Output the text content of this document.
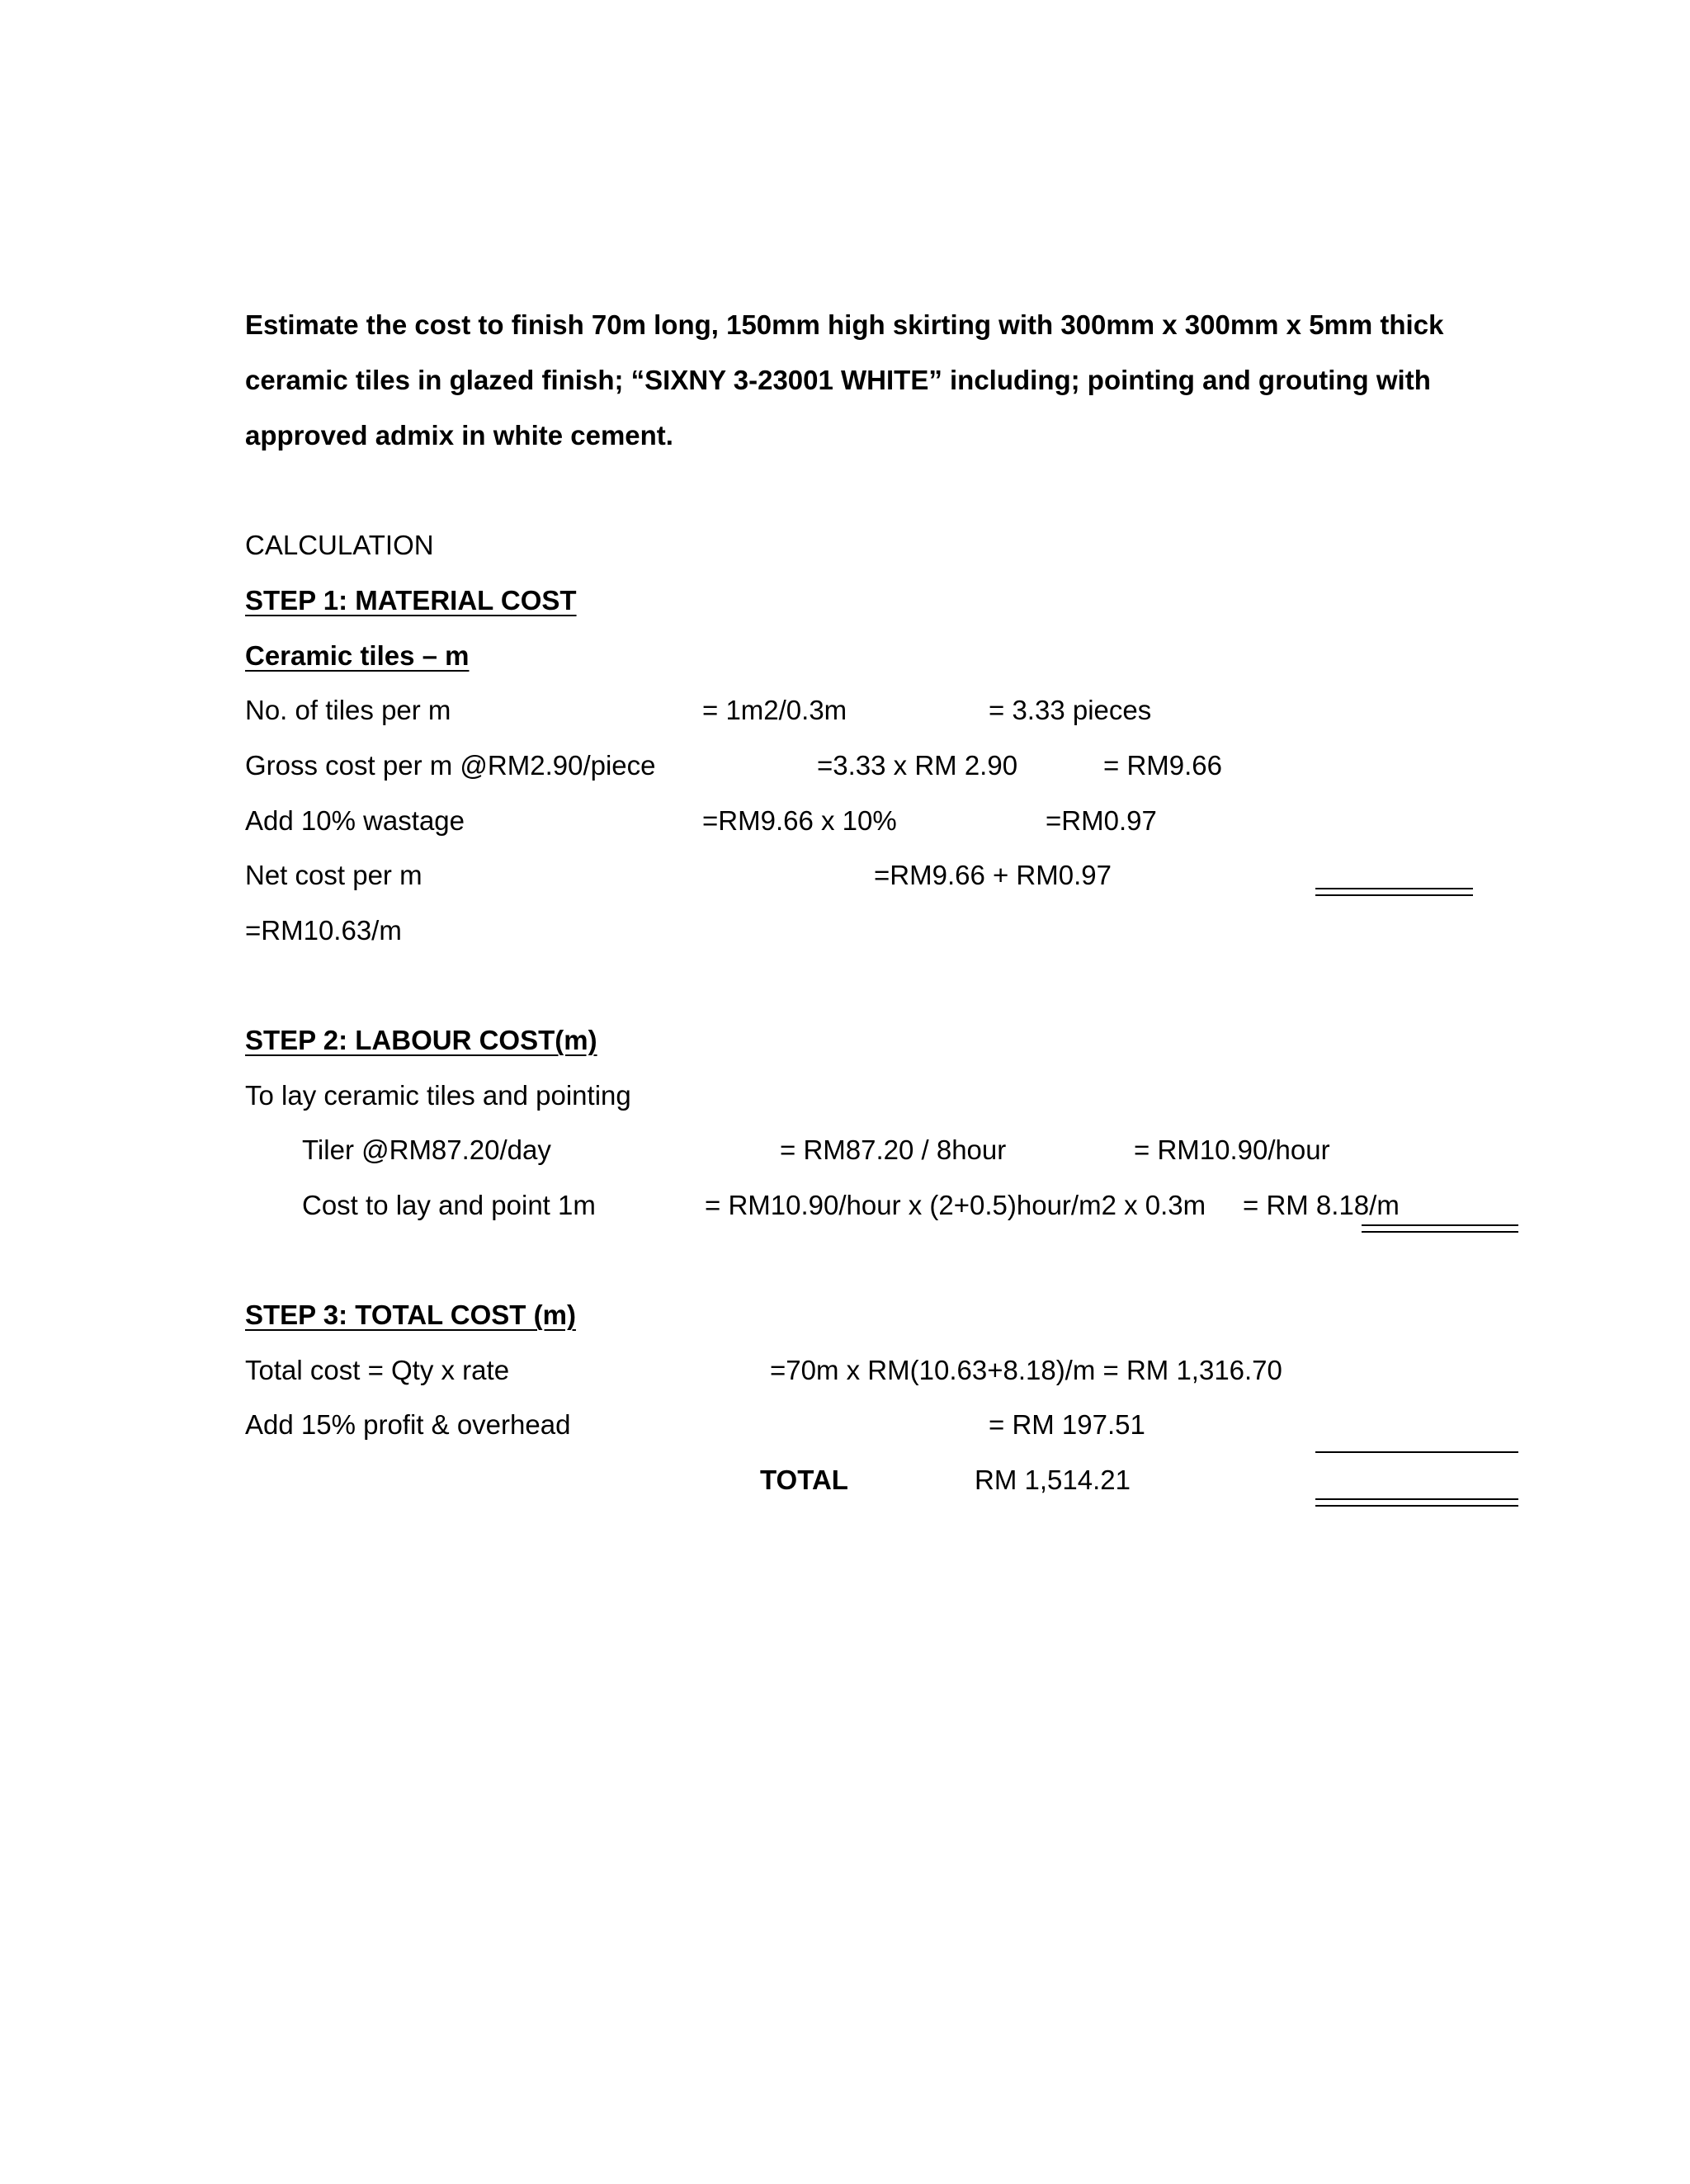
Estimate the cost to finish 70m long, 150mm high skirting with 300mm x 300mm x 5mm thick

ceramic tiles in glazed finish; “SIXNY 3-23001 WHITE” including; pointing and grouting with

approved admix in white cement.

CALCULATION

STEP 1: MATERIAL COST

Ceramic tiles – m

No. of tiles per m	= 1m2/0.3m	= 3.33 pieces

Gross cost per m @RM2.90/piece	=3.33 x RM 2.90	= RM9.66

Add 10% wastage	=RM9.66 x 10%	=RM0.97

Net cost per m	=RM9.66 + RM0.97

=RM10.63/m

STEP 2: LABOUR COST(m)

To lay ceramic tiles and pointing

Tiler @RM87.20/day	= RM87.20 / 8hour	= RM10.90/hour

Cost to lay and point 1m	= RM10.90/hour x (2+0.5)hour/m2 x 0.3m = RM 8.18/m

STEP 3: TOTAL COST (m)

Total cost = Qty x rate	=70m x RM(10.63+8.18)/m = RM 1,316.70

Add 15% profit & overhead	= RM 197.51

TOTAL	RM 1,514.21
